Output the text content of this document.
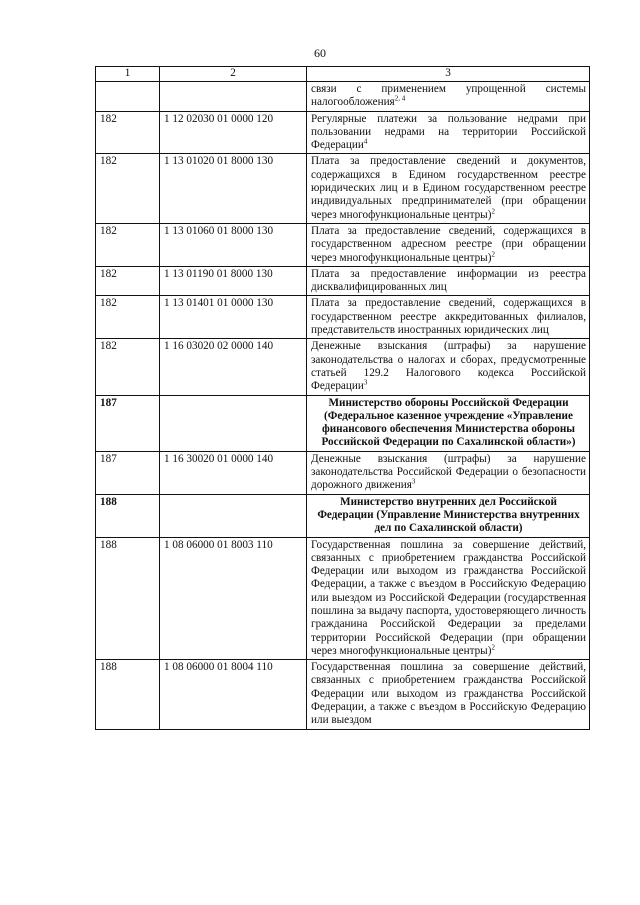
60
1	2	3
		связи с применением упрощенной системы налогообложения$^{2, 4}$
182	1 12 02030 01 0000 120	Регулярные платежи за пользование недрами при пользовании недрами на территории Российской Федерации$^4$
182	1 13 01020 01 8000 130	Плата за предоставление сведений и документов, содержащихся в Едином государственном реестре юридических лиц и в Едином государственном реестре индивидуальных предпринимателей (при обращении через многофункциональные центры)$^2$
182	1 13 01060 01 8000 130	Плата за предоставление сведений, содержащихся в государственном адресном реестре (при обращении через многофункциональные центры)$^2$
182	1 13 01190 01 8000 130	Плата за предоставление информации из реестра дисквалифицированных лиц
182	1 13 01401 01 0000 130	Плата за предоставление сведений, содержащихся в государственном реестре аккредитованных филиалов, представительств иностранных юридических лиц
182	1 16 03020 02 0000 140	Денежные взыскания (штрафы) за нарушение законодательства о налогах и сборах, предусмотренные статьей 129.2 Налогового кодекса Российской Федерации$^3$
187		Министерство обороны Российской Федерации (Федеральное казенное учреждение «Управление финансового обеспечения Министерства обороны Российской Федерации по Сахалинской области»)
187	1 16 30020 01 0000 140	Денежные взыскания (штрафы) за нарушение законодательства Российской Федерации о безопасности дорожного движения$^3$
188		Министерство внутренних дел Российской Федерации (Управление Министерства внутренних дел по Сахалинской области)
188	1 08 06000 01 8003 110	Государственная пошлина за совершение действий, связанных с приобретением гражданства Российской Федерации или выходом из гражданства Российской Федерации, а также с въездом в Российскую Федерацию или выездом из Российской Федерации (государственная пошлина за выдачу паспорта, удостоверяющего личность гражданина Российской Федерации за пределами территории Российской Федерации (при обращении через многофункциональные центры)$^2$
188	1 08 06000 01 8004 110	Государственная пошлина за совершение действий, связанных с приобретением гражданства Российской Федерации или выходом из гражданства Российской Федерации, а также с въездом в Российскую Федерацию или выездом
